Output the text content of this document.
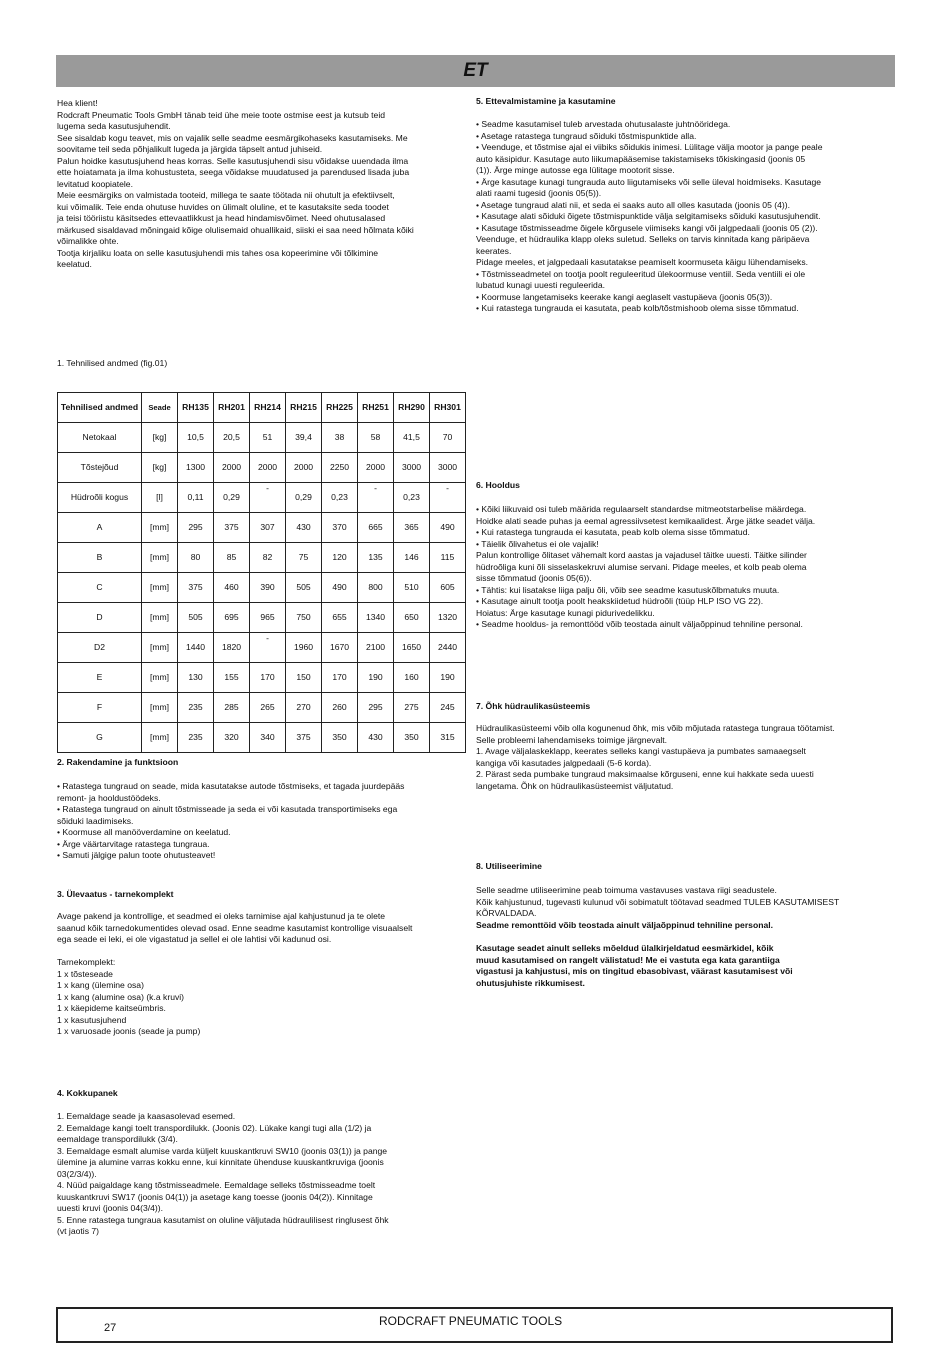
ET
Hea klient!
Rodcraft Pneumatic Tools GmbH tänab teid ühe meie toote ostmise eest ja kutsub teid
lugema seda kasutusjuhendit.
See sisaldab kogu teavet, mis on vajalik selle seadme eesmärgikohaseks kasutamiseks. Me
soovitame teil seda põhjalikult lugeda ja järgida täpselt antud juhiseid.
Palun hoidke kasutusjuhend heas korras. Selle kasutusjuhendi sisu võidakse uuendada ilma
ette hoiatamata ja ilma kohustusteta, seega võidakse muudatused ja parendused lisada juba
levitatud koopiatele.
Meie eesmärgiks on valmistada tooteid, millega te saate töötada nii ohutult ja efektiivselt,
kui võimalik. Teie enda ohutuse huvides on ülimalt oluline, et te kasutaksite seda toodet
ja teisi tööriistu käsitsedes ettevaatlikkust ja head hindamisvõimet. Need ohutusalased
märkused sisaldavad mõningaid kõige olulisemaid ohuallikaid, siiski ei saa need hõlmata kõiki
võimalikke ohte.
Tootja kirjaliku loata on selle kasutusjuhendi mis tahes osa kopeerimine või tõlkimine
keelatud.
1. Tehnilised andmed (fig.01)
Tehnilised andmed	Seade	RH135	RH201	RH214	RH215	RH225	RH251	RH290	RH301
Netokaal	[kg]	10,5	20,5	51	39,4	38	58	41,5	70
Tõstejõud	[kg]	1300	2000	2000	2000	2250	2000	3000	3000
Hüdroõli kogus	[l]	0,11	0,29	-	0,29	0,23	-	0,23	-
A	[mm]	295	375	307	430	370	665	365	490
B	[mm]	80	85	82	75	120	135	146	115
C	[mm]	375	460	390	505	490	800	510	605
D	[mm]	505	695	965	750	655	1340	650	1320
D2	[mm]	1440	1820	-	1960	1670	2100	1650	2440
E	[mm]	130	155	170	150	170	190	160	190
F	[mm]	235	285	265	270	260	295	275	245
G	[mm]	235	320	340	375	350	430	350	315
2. Rakendamine ja funktsioon
• Ratastega tungraud on seade, mida kasutatakse autode tõstmiseks, et tagada juurdepääs
remont- ja hooldustöödeks.
• Ratastega tungraud on ainult tõstmisseade ja seda ei või kasutada transportimiseks ega
sõiduki laadimiseks.
• Koormuse all manööverdamine on keelatud.
• Ärge väärtarvitage ratastega tungraua.
• Samuti jälgige palun toote ohutusteavet!
3. Ülevaatus - tarnekomplekt
Avage pakend ja kontrollige, et seadmed ei oleks tarnimise ajal kahjustunud ja te olete
saanud kõik tarnedokumentides olevad osad. Enne seadme kasutamist kontrollige visuaalselt
ega seade ei leki, ei ole vigastatud ja sellel ei ole lahtisi või kadunud osi.

Tarnekomplekt:
1 x tõsteseade
1 x kang (ülemine osa)
1 x kang (alumine osa) (k.a kruvi)
1 x käepideme kaitseümbris.
1 x kasutusjuhend
1 x varuosade joonis (seade ja pump)
4. Kokkupanek
1. Eemaldage seade ja kaasasolevad esemed.
2. Eemaldage kangi toelt transpordilukk. (Joonis 02). Lükake kangi tugi alla (1/2) ja
eemaldage transpordilukk (3/4).
3. Eemaldage esmalt alumise varda küljelt kuuskantkruvi SW10 (joonis 03(1)) ja pange
ülemine ja alumine varras kokku enne, kui kinnitate ühenduse kuuskantkruviga (joonis
03(2/3/4)).
4. Nüüd paigaldage kang tõstmisseadmele. Eemaldage selleks tõstmisseadme toelt
kuuskantkruvi SW17 (joonis 04(1)) ja asetage kang toesse (joonis 04(2)). Kinnitage
uuesti kruvi (joonis 04(3/4)).
5. Enne ratastega tungraua kasutamist on oluline väljutada hüdraulilisest ringlusest õhk
(vt jaotis 7)
5. Ettevalmistamine ja kasutamine
• Seadme kasutamisel tuleb arvestada ohutusalaste juhtnööridega.
• Asetage ratastega tungraud sõiduki tõstmispunktide alla.
• Veenduge, et tõstmise ajal ei viibiks sõidukis inimesi. Lülitage välja mootor ja pange peale
auto käsipidur. Kasutage auto liikumapääsemise takistamiseks tõkiskingasid (joonis 05
(1)). Ärge minge autosse ega lülitage mootorit sisse.
• Ärge kasutage kunagi tungrauda auto liigutamiseks või selle üleval hoidmiseks. Kasutage
alati raami tugesid (joonis 05(5)).
• Asetage tungraud alati nii, et seda ei saaks auto all olles kasutada (joonis 05 (4)).
• Kasutage alati sõiduki õigete tõstmispunktide välja selgitamiseks sõiduki kasutusjuhendit.
• Kasutage tõstmisseadme õigele kõrgusele viimiseks kangi või jalgpedaali (joonis 05 (2)).
Veenduge, et hüdraulika klapp oleks suletud. Selleks on tarvis kinnitada kang päripäeva
keerates.
Pidage meeles, et jalgpedaali kasutatakse peamiselt koormuseta käigu lühendamiseks.
• Tõstmisseadmetel on tootja poolt reguleeritud ülekoormuse ventiil. Seda ventiili ei ole
lubatud kunagi uuesti reguleerida.
• Koormuse langetamiseks keerake kangi aeglaselt vastupäeva (joonis 05(3)).
• Kui ratastega tungrauda ei kasutata, peab kolb/tõstmishoob olema sisse tõmmatud.
6. Hooldus
• Kõiki liikuvaid osi tuleb määrida regulaarselt standardse mitmeotstarbelise määrdega.
Hoidke alati seade puhas ja eemal agressiivsetest kemikaalidest. Ärge jätke seadet välja.
• Kui ratastega tungrauda ei kasutata, peab kolb olema sisse tõmmatud.
• Täielik õlivahetus ei ole vajalik!
Palun kontrollige õlitaset vähemalt kord aastas ja vajadusel täitke uuesti. Täitke silinder
hüdroõliga kuni õli sisselaskekruvi alumise servani. Pidage meeles, et kolb peab olema
sisse tõmmatud (joonis 05(6)).
• Tähtis: kui lisatakse liiga palju õli, võib see seadme kasutuskõlbmatuks muuta.
• Kasutage ainult tootja poolt heakskiidetud hüdroõli (tüüp HLP ISO VG 22).
Hoiatus: Ärge kasutage kunagi pidurivedelikku.
• Seadme hooldus- ja remonttööd võib teostada ainult väljaõppinud tehniline personal.
7. Õhk hüdraulikasüsteemis
Hüdraulikasüsteemi võib olla kogunenud õhk, mis võib mõjutada ratastega tungraua töötamist.
Selle probleemi lahendamiseks toimige järgnevalt.
1. Avage väljalaskeklapp, keerates selleks kangi vastupäeva ja pumbates samaaegselt
kangiga või kasutades jalgpedaali (5-6 korda).
2. Pärast seda pumbake tungraud maksimaalse kõrguseni, enne kui hakkate seda uuesti
langetama. Õhk on hüdraulikasüsteemist väljutatud.
8. Utiliseerimine
Selle seadme utiliseerimine peab toimuma vastavuses vastava riigi seadustele.
Kõik kahjustunud, tugevasti kulunud või sobimatult töötavad seadmed TULEB KASUTAMISEST
KÕRVALDADA.
Seadme remonttöid võib teostada ainult väljaõppinud tehniline personal.
Kasutage seadet ainult selleks mõeldud ülalkirjeldatud eesmärkidel, kõik
muud kasutamised on rangelt välistatud! Me ei vastuta ega kata garantiiga
vigastusi ja kahjustusi, mis on tingitud ebasobivast, väärast kasutamisest või
ohutusjuhiste rikkumisest.
27	RODCRAFT PNEUMATIC TOOLS
